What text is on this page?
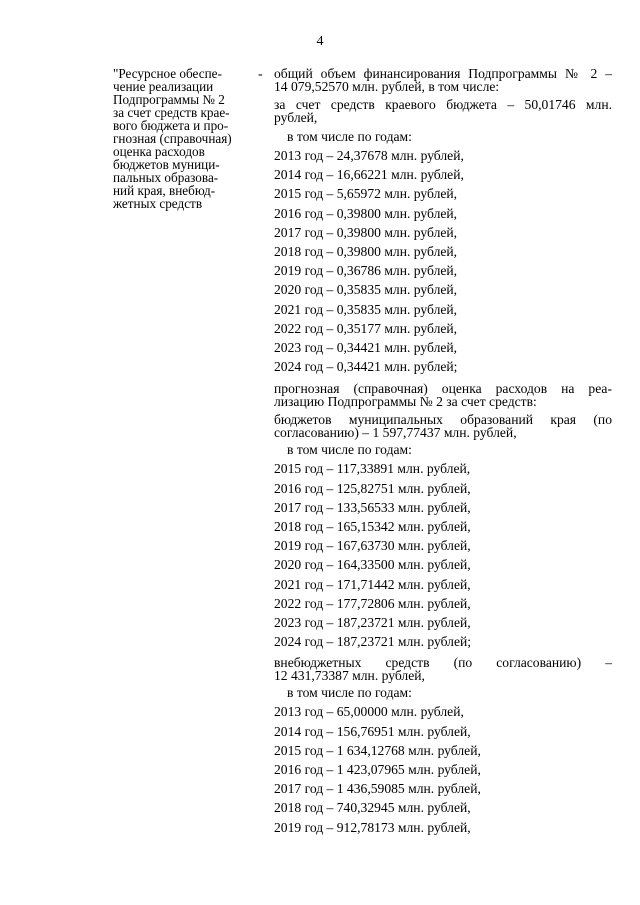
4
"Ресурсное обеспе-
чение реализации
Подпрограммы № 2
за счет средств крае-
вого бюджета и про-
гнозная (справочная)
оценка расходов
бюджетов муници-
пальных образова-
ний края, внебюд-
жетных средств
- общий объем финансирования Подпрограммы № 2 –
14 079,52570 млн. рублей, в том числе:
за счет средств краевого бюджета – 50,01746 млн.
рублей,
в том числе по годам:
2013 год – 24,37678 млн. рублей,
2014 год – 16,66221 млн. рублей,
2015 год – 5,65972 млн. рублей,
2016 год – 0,39800 млн. рублей,
2017 год – 0,39800 млн. рублей,
2018 год – 0,39800 млн. рублей,
2019 год – 0,36786 млн. рублей,
2020 год – 0,35835 млн. рублей,
2021 год – 0,35835 млн. рублей,
2022 год – 0,35177 млн. рублей,
2023 год – 0,34421 млн. рублей,
2024 год – 0,34421 млн. рублей;
прогнозная (справочная) оценка расходов на реа-
лизацию Подпрограммы № 2 за счет средств:
бюджетов муниципальных образований края (по
согласованию) – 1 597,77437 млн. рублей,
в том числе по годам:
2015 год – 117,33891 млн. рублей,
2016 год – 125,82751 млн. рублей,
2017 год – 133,56533 млн. рублей,
2018 год – 165,15342 млн. рублей,
2019 год – 167,63730 млн. рублей,
2020 год – 164,33500 млн. рублей,
2021 год – 171,71442 млн. рублей,
2022 год – 177,72806 млн. рублей,
2023 год – 187,23721 млн. рублей,
2024 год – 187,23721 млн. рублей;
внебюджетных средств (по согласованию) –
12 431,73387 млн. рублей,
в том числе по годам:
2013 год – 65,00000 млн. рублей,
2014 год – 156,76951 млн. рублей,
2015 год – 1 634,12768 млн. рублей,
2016 год – 1 423,07965 млн. рублей,
2017 год – 1 436,59085 млн. рублей,
2018 год – 740,32945 млн. рублей,
2019 год – 912,78173 млн. рублей,
